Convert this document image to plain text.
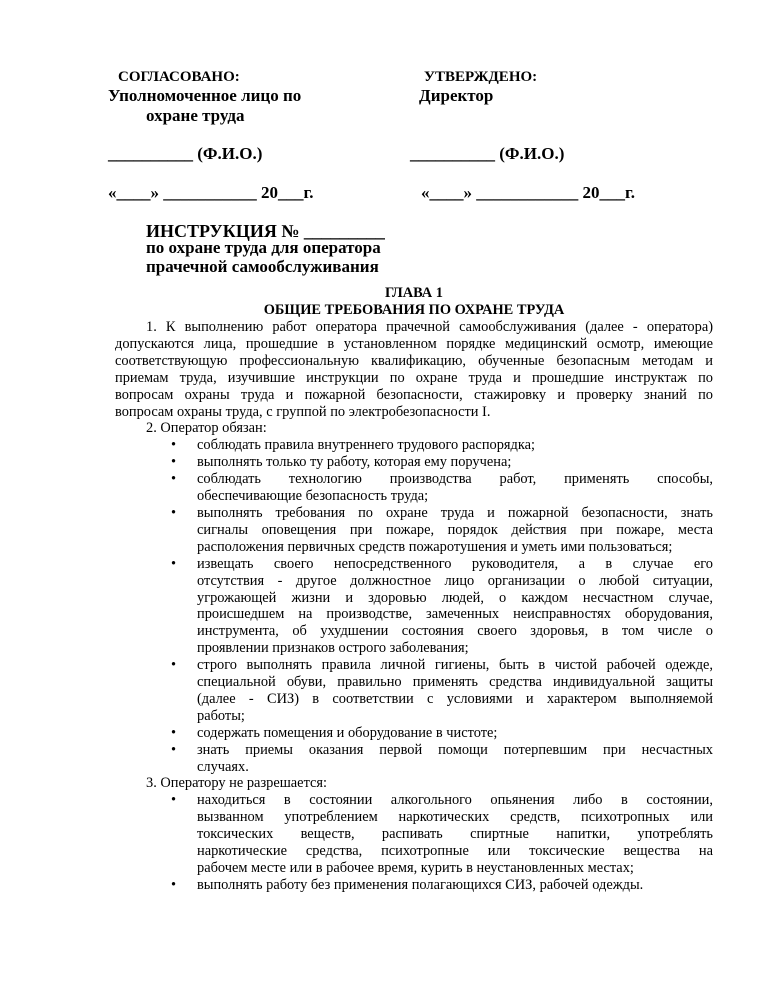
СОГЛАСОВАНО:
Уполномоченное лицо по
охране труда
__________ (Ф.И.О.)
«____» ___________ 20___г.
УТВЕРЖДЕНО:
Директор
__________ (Ф.И.О.)
«____» ____________ 20___г.
ИНСТРУКЦИЯ № _________
по охране труда для оператора
прачечной самообслуживания
ГЛАВА 1
ОБЩИЕ ТРЕБОВАНИЯ ПО ОХРАНЕ ТРУДА
1. К выполнению работ оператора прачечной самообслуживания (далее - оператора)
допускаются лица, прошедшие в установленном порядке медицинский осмотр, имеющие
соответствующую профессиональную квалификацию, обученные безопасным методам и
приемам труда, изучившие инструкции по охране труда и прошедшие инструктаж по
вопросам охраны труда и пожарной безопасности, стажировку и проверку знаний по
вопросам охраны труда, с группой по электробезопасности I.
2. Оператор обязан:
• соблюдать правила внутреннего трудового распорядка;
• выполнять только ту работу, которая ему поручена;
• соблюдать технологию производства работ, применять способы,
обеспечивающие безопасность труда;
• выполнять требования по охране труда и пожарной безопасности, знать
сигналы оповещения при пожаре, порядок действия при пожаре, места
расположения первичных средств пожаротушения и уметь ими пользоваться;
• извещать своего непосредственного руководителя, а в случае его
отсутствия - другое должностное лицо организации о любой ситуации,
угрожающей жизни и здоровью людей, о каждом несчастном случае,
происшедшем на производстве, замеченных неисправностях оборудования,
инструмента, об ухудшении состояния своего здоровья, в том числе о
проявлении признаков острого заболевания;
• строго выполнять правила личной гигиены, быть в чистой рабочей одежде,
специальной обуви, правильно применять средства индивидуальной защиты
(далее - СИЗ) в соответствии с условиями и характером выполняемой
работы;
• содержать помещения и оборудование в чистоте;
• знать приемы оказания первой помощи потерпевшим при несчастных
случаях.
3. Оператору не разрешается:
• находиться в состоянии алкогольного опьянения либо в состоянии,
вызванном употреблением наркотических средств, психотропных или
токсических веществ, распивать спиртные напитки, употреблять
наркотические средства, психотропные или токсические вещества на
рабочем месте или в рабочее время, курить в неустановленных местах;
• выполнять работу без применения полагающихся СИЗ, рабочей одежды.
